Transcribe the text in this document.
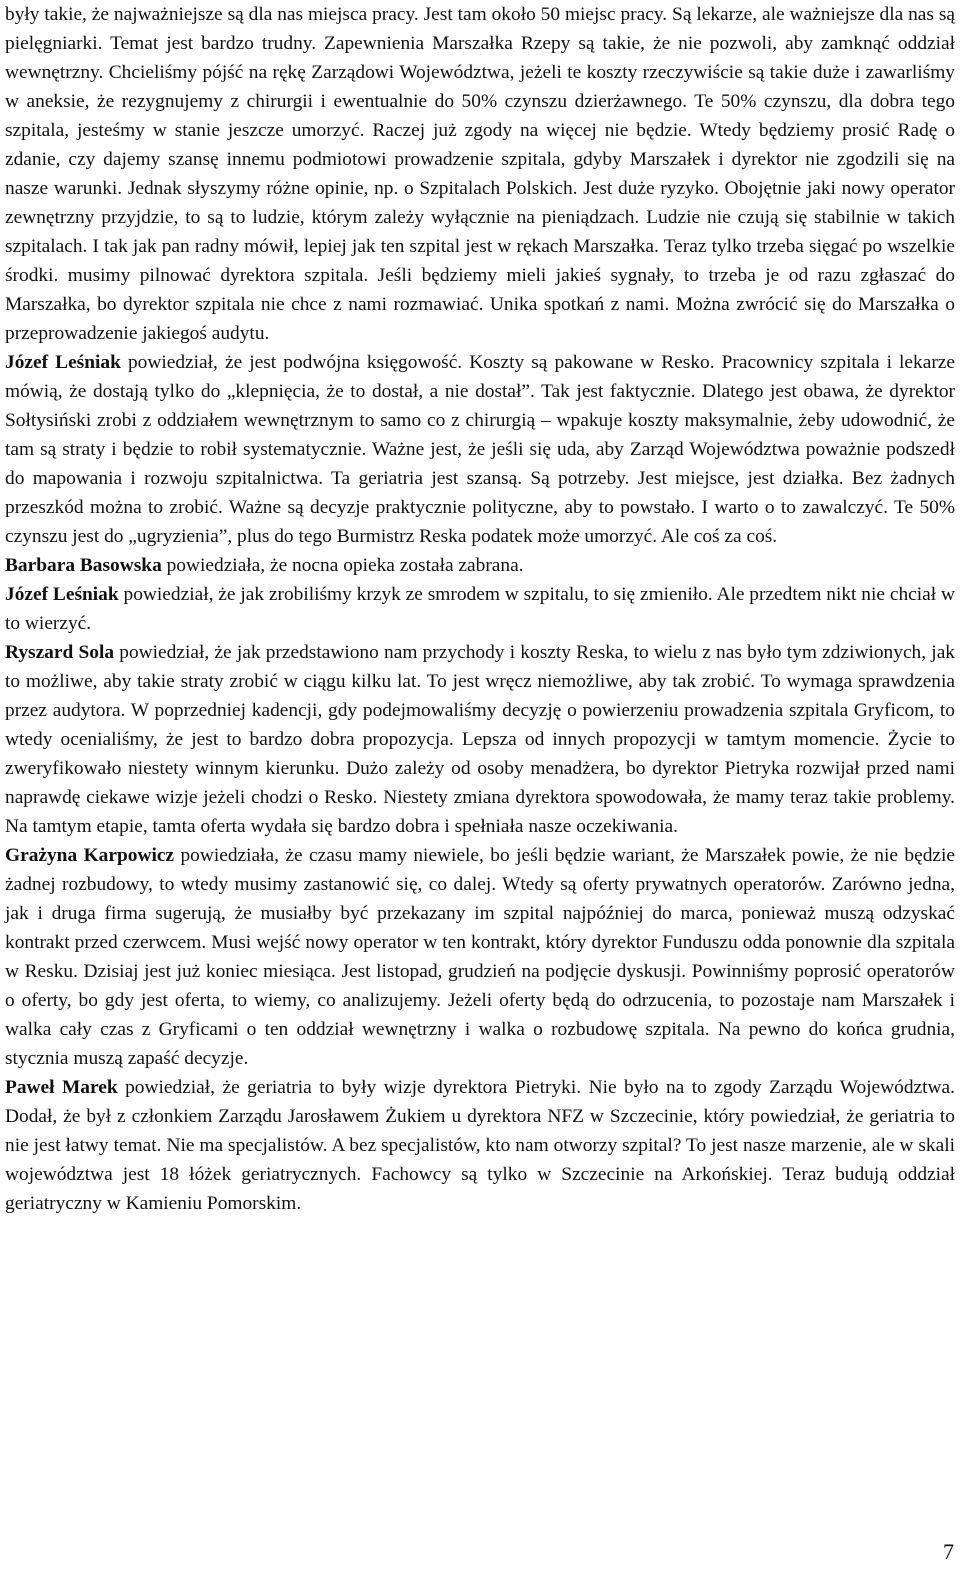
były takie, że najważniejsze są dla nas miejsca pracy. Jest tam około 50 miejsc pracy. Są lekarze, ale ważniejsze dla nas są pielęgniarki. Temat jest bardzo trudny. Zapewnienia Marszałka Rzepy są takie, że nie pozwoli, aby zamknąć oddział wewnętrzny. Chcieliśmy pójść na rękę Zarządowi Województwa, jeżeli te koszty rzeczywiście są takie duże i zawarliśmy w aneksie, że rezygnujemy z chirurgii i ewentualnie do 50% czynszu dzierżawnego. Te 50% czynszu, dla dobra tego szpitala, jesteśmy w stanie jeszcze umorzyć. Raczej już zgody na więcej nie będzie. Wtedy będziemy prosić Radę o zdanie, czy dajemy szansę innemu podmiotowi prowadzenie szpitala, gdyby Marszałek i dyrektor nie zgodzili się na nasze warunki. Jednak słyszymy różne opinie, np. o Szpitalach Polskich. Jest duże ryzyko. Obojętnie jaki nowy operator zewnętrzny przyjdzie, to są to ludzie, którym zależy wyłącznie na pieniądzach. Ludzie nie czują się stabilnie w takich szpitalach. I tak jak pan radny mówił, lepiej jak ten szpital jest w rękach Marszałka. Teraz tylko trzeba sięgać po wszelkie środki. musimy pilnować dyrektora szpitala. Jeśli będziemy mieli jakieś sygnały, to trzeba je od razu zgłaszać do Marszałka, bo dyrektor szpitala nie chce z nami rozmawiać. Unika spotkań z nami. Można zwrócić się do Marszałka o przeprowadzenie jakiegoś audytu.

Józef Leśniak powiedział, że jest podwójna księgowość. Koszty są pakowane w Resko. Pracownicy szpitala i lekarze mówią, że dostają tylko do „klepnięcia, że to dostał, a nie dostał”. Tak jest faktycznie. Dlatego jest obawa, że dyrektor Sołtysiński zrobi z oddziałem wewnętrznym to samo co z chirurgią – wpakuje koszty maksymalnie, żeby udowodnić, że tam są straty i będzie to robił systematycznie. Ważne jest, że jeśli się uda, aby Zarząd Województwa poważnie podszedł do mapowania i rozwoju szpitalnictwa. Ta geriatria jest szansą. Są potrzeby. Jest miejsce, jest działka. Bez żadnych przeszkód można to zrobić. Ważne są decyzje praktycznie polityczne, aby to powstało. I warto o to zawalczyć. Te 50% czynszu jest do „ugryzienia”, plus do tego Burmistrz Reska podatek może umorzyć. Ale coś za coś.

Barbara Basowska powiedziała, że nocna opieka została zabrana.

Józef Leśniak powiedział, że jak zrobiliśmy krzyk ze smrodem w szpitalu, to się zmieniło. Ale przedtem nikt nie chciał w to wierzyć.

Ryszard Sola powiedział, że jak przedstawiono nam przychody i koszty Reska, to wielu z nas było tym zdziwionych, jak to możliwe, aby takie straty zrobić w ciągu kilku lat. To jest wręcz niemożliwe, aby tak zrobić. To wymaga sprawdzenia przez audytora. W poprzedniej kadencji, gdy podejmowaliśmy decyzję o powierzeniu prowadzenia szpitala Gryficom, to wtedy ocenialiśmy, że jest to bardzo dobra propozycja. Lepsza od innych propozycji w tamtym momencie. Życie to zweryfikowało niestety winnym kierunku. Dużo zależy od osoby menadżera, bo dyrektor Pietryka rozwijał przed nami naprawdę ciekawe wizje jeżeli chodzi o Resko. Niestety zmiana dyrektora spowodowała, że mamy teraz takie problemy. Na tamtym etapie, tamta oferta wydała się bardzo dobra i spełniała nasze oczekiwania.

Grażyna Karpowicz powiedziała, że czasu mamy niewiele, bo jeśli będzie wariant, że Marszałek powie, że nie będzie żadnej rozbudowy, to wtedy musimy zastanowić się, co dalej. Wtedy są oferty prywatnych operatorów. Zarówno jedna, jak i druga firma sugerują, że musiałby być przekazany im szpital najpóźniej do marca, ponieważ muszą odzyskać kontrakt przed czerwcem. Musi wejść nowy operator w ten kontrakt, który dyrektor Funduszu odda ponownie dla szpitala w Resku. Dzisiaj jest już koniec miesiąca. Jest listopad, grudzień na podjęcie dyskusji. Powinniśmy poprosić operatorów o oferty, bo gdy jest oferta, to wiemy, co analizujemy. Jeżeli oferty będą do odrzucenia, to pozostaje nam Marszałek i walka cały czas z Gryficami o ten oddział wewnętrzny i walka o rozbudowę szpitala. Na pewno do końca grudnia, stycznia muszą zapaść decyzje.

Paweł Marek powiedział, że geriatria to były wizje dyrektora Pietryki. Nie było na to zgody Zarządu Województwa. Dodał, że był z członkiem Zarządu Jarosławem Żukiem u dyrektora NFZ w Szczecinie, który powiedział, że geriatria to nie jest łatwy temat. Nie ma specjalistów. A bez specjalistów, kto nam otworzy szpital? To jest nasze marzenie, ale w skali województwa jest 18 łóżek geriatrycznych. Fachowcy są tylko w Szczecinie na Arkońskiej. Teraz budują oddział geriatryczny w Kamieniu Pomorskim.

7
